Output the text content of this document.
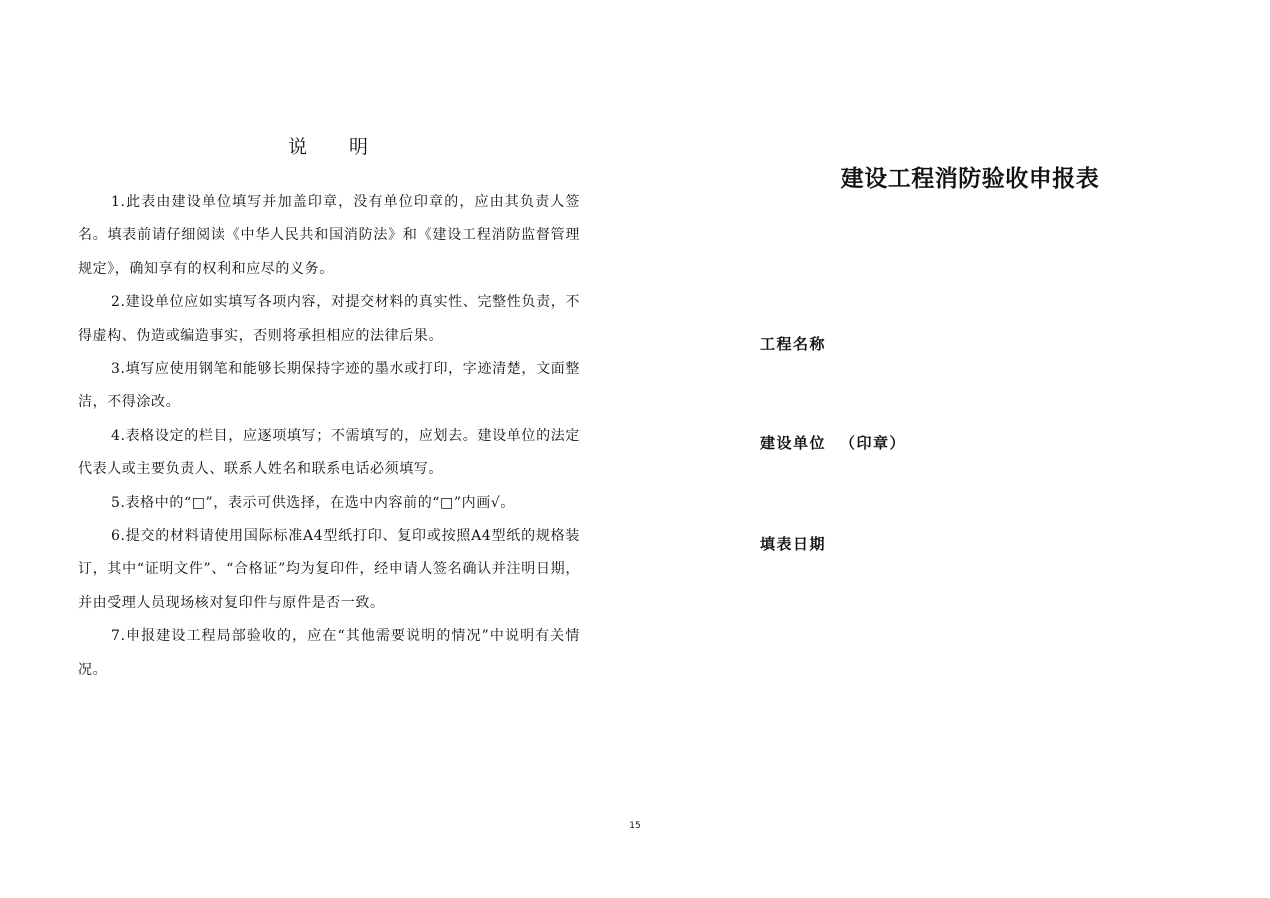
说 明

1.此表由建设单位填写并加盖印章，没有单位印章的，应由其负责人签名。填表前请仔细阅读《中华人民共和国消防法》和《建设工程消防监督管理规定》，确知享有的权利和应尽的义务。

2.建设单位应如实填写各项内容，对提交材料的真实性、完整性负责，不得虚构、伪造或编造事实，否则将承担相应的法律后果。

3.填写应使用钢笔和能够长期保持字迹的墨水或打印，字迹清楚，文面整洁，不得涂改。

4.表格设定的栏目，应逐项填写；不需填写的，应划去。建设单位的法定代表人或主要负责人、联系人姓名和联系电话必须填写。

5.表格中的“□”，表示可供选择，在选中内容前的“□”内画√。

6.提交的材料请使用国际标准A4型纸打印、复印或按照A4型纸的规格装订，其中“证明文件”、“合格证”均为复印件，经申请人签名确认并注明日期，并由受理人员现场核对复印件与原件是否一致。

7.申报建设工程局部验收的，应在“其他需要说明的情况”中说明有关情况。

建设工程消防验收申报表
工程名称
建设单位 （印章）
填表日期
15
